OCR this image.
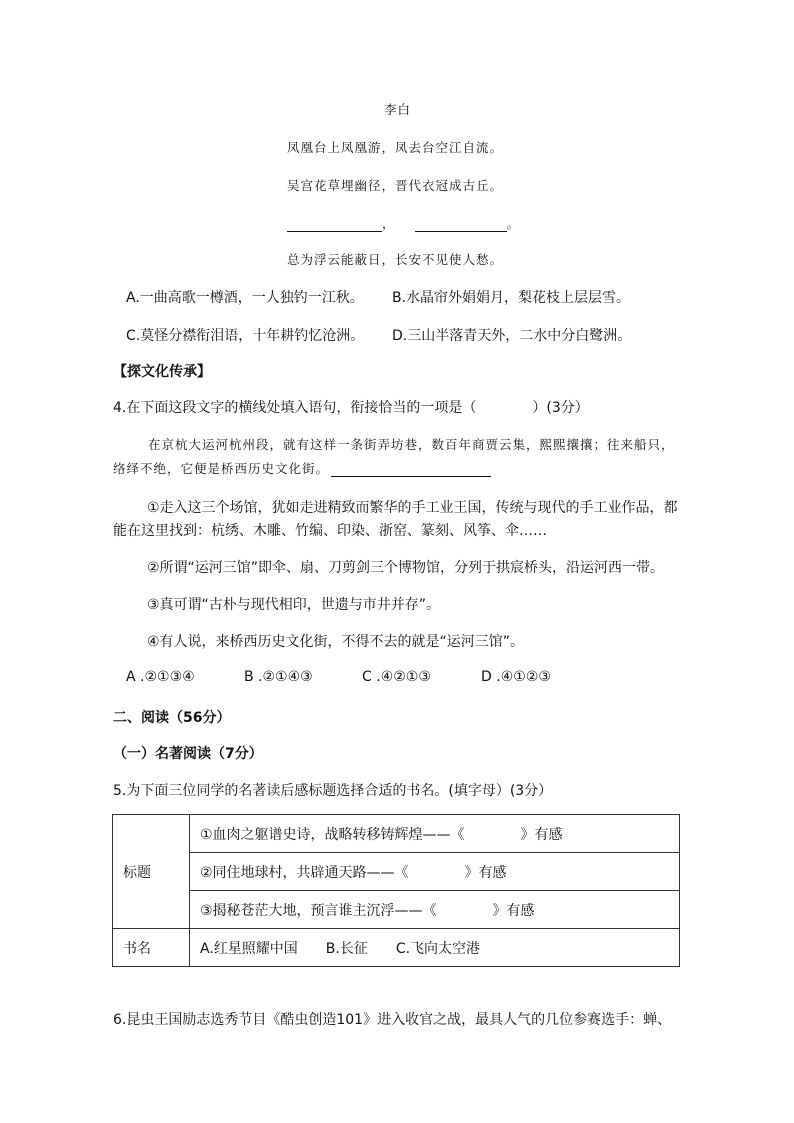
李白
凤凰台上凤凰游，凤去台空江自流。
吴宫花草埋幽径，晋代衣冠成古丘。
，	。
总为浮云能蔽日，长安不见使人愁。
A.一曲高歌一樽酒，一人独钓一江秋。 B.水晶帘外娟娟月，梨花枝上层层雪。
C.莫怪分襟衔泪语，十年耕钓忆沧洲。 D.三山半落青天外，二水中分白鹭洲。
【探文化传承】
4.在下面这段文字的横线处填入语句，衔接恰当的一项是（　　　　）(3分）
在京杭大运河杭州段，就有这样一条街弄坊巷，数百年商贾云集，熙熙攘攘；往来船只，
络绎不绝，它便是桥西历史文化街。
①走入这三个场馆，犹如走进精致而繁华的手工业王国，传统与现代的手工业作品，都
能在这里找到：杭绣、木雕、竹编、印染、浙窑、篆刻、风筝、伞……
②所谓“运河三馆”即伞、扇、刀剪剑三个博物馆，分列于拱宸桥头，沿运河西一带。
③真可谓“古朴与现代相印，世遗与市井并存”。
④有人说，来桥西历史文化街，不得不去的就是“运河三馆”。
A .②①③④	B .②①④③	C .④②①③	D .④①②③
二、阅读（56分）
（一）名著阅读（7分）
5.为下面三位同学的名著读后感标题选择合适的书名。(填字母）(3分）
标题	①血肉之躯谱史诗，战略转移铸辉煌——《　　　　》有感
	②同住地球村，共辟通天路——《　　　　》有感
	③揭秘苍茫大地，预言谁主沉浮——《　　　　》有感
书名	A.红星照耀中国　　B.长征　　C.飞向太空港
6.昆虫王国励志选秀节目《酷虫创造101》进入收官之战，最具人气的几位参赛选手：蝉、
